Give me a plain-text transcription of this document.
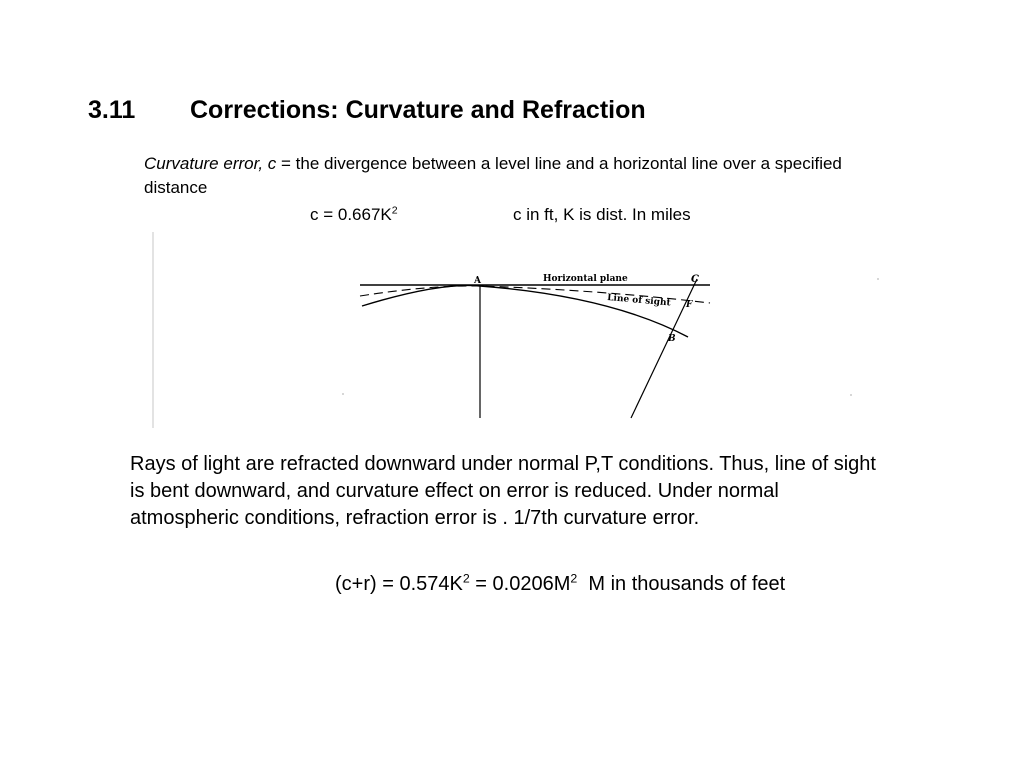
3.11 Corrections: Curvature and Refraction
Curvature error, c = the divergence between a level line and a horizontal line over a specified distance
$c = 0.667K^2$	c in ft, K is dist. In miles
A	C
F
B
Horizontal plane
Line of sight
Rays of light are refracted downward under normal P,T conditions. Thus, line of sight is bent downward, and curvature effect on error is reduced. Under normal atmospheric conditions, refraction error is . 1/7th curvature error.
$(c+r) = 0.574K^2 = 0.0206M^2$  M in thousands of feet
